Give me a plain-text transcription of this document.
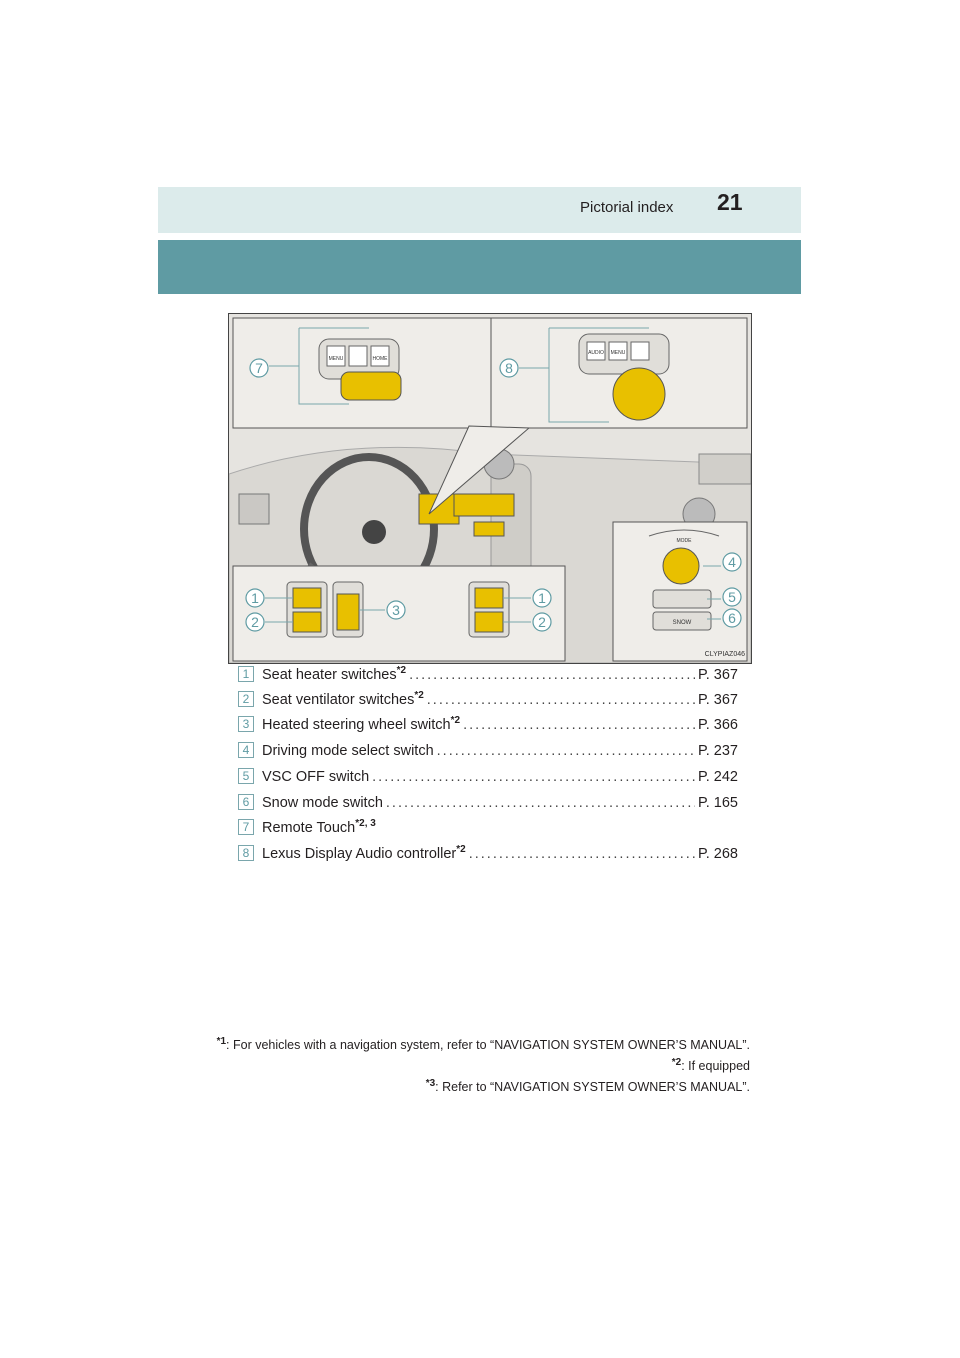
Pictorial index 21
MENU	HOME
AUDIO MENU
MODE
SNOW
7	8
4
5
6
1
2
3
1
2
CLYPIAZ046
1 Seat heater switches$^{*2}$ .....	P. 367
2 Seat ventilator switches$^{*2}$ .....	P. 367
3 Heated steering wheel switch$^{*2}$ .....	P. 366
4 Driving mode select switch .....	P. 237
5 VSC OFF switch .....	P. 242
6 Snow mode switch .....	P. 165
7 Remote Touch$^{*2, 3}$
8 Lexus Display Audio controller$^{*2}$ .....	P. 268
$^{*1}$: For vehicles with a navigation system, refer to “NAVIGATION SYSTEM OWNER’S MANUAL”.
$^{*2}$: If equipped
$^{*3}$: Refer to “NAVIGATION SYSTEM OWNER’S MANUAL”.
